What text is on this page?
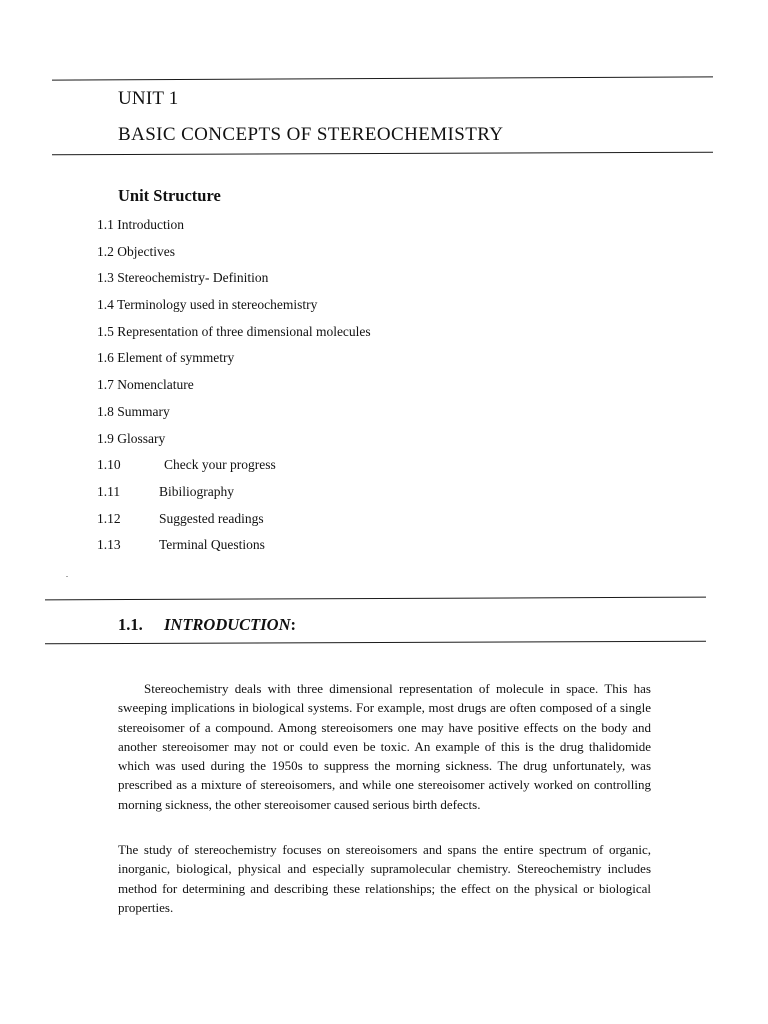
UNIT 1
BASIC CONCEPTS OF STEREOCHEMISTRY
Unit Structure
1.1 Introduction
1.2 Objectives
1.3 Stereochemistry- Definition
1.4 Terminology used in stereochemistry
1.5 Representation of three dimensional molecules
1.6 Element of symmetry
1.7 Nomenclature
1.8 Summary
1.9 Glossary
1.10	Check your progress
1.11	Bibiliography
1.12	Suggested readings
1.13	Terminal Questions
.
1.1. INTRODUCTION:

Stereochemistry deals with three dimensional representation of molecule in space. This has sweeping implications in biological systems. For example, most drugs are often composed of a single stereoisomer of a compound. Among stereoisomers one may have positive effects on the body and another stereoisomer may not or could even be toxic. An example of this is the drug thalidomide which was used during the 1950s to suppress the morning sickness. The drug unfortunately, was prescribed as a mixture of stereoisomers, and while one stereoisomer actively worked on controlling morning sickness, the other stereoisomer caused serious birth defects.

The study of stereochemistry focuses on stereoisomers and spans the entire spectrum of organic, inorganic, biological, physical and especially supramolecular chemistry. Stereochemistry includes method for determining and describing these relationships; the effect on the physical or biological properties.
